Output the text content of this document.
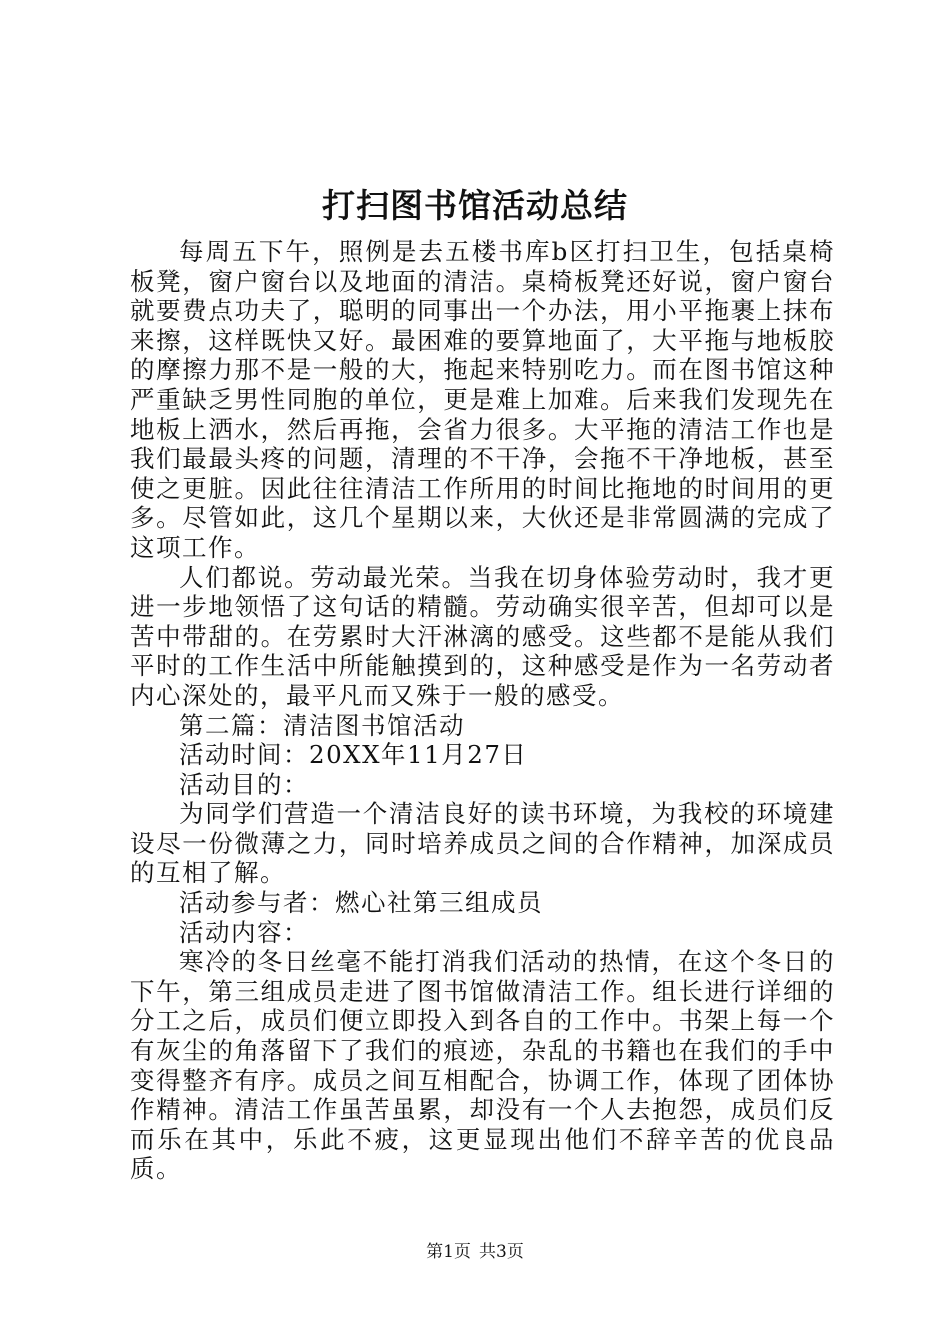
打扫图书馆活动总结

每周五下午，照例是去五楼书库b区打扫卫生，包括桌椅板凳，窗户窗台以及地面的清洁。桌椅板凳还好说，窗户窗台就要费点功夫了，聪明的同事出一个办法，用小平拖裹上抹布来擦，这样既快又好。最困难的要算地面了，大平拖与地板胶的摩擦力那不是一般的大，拖起来特别吃力。而在图书馆这种严重缺乏男性同胞的单位，更是难上加难。后来我们发现先在地板上洒水，然后再拖，会省力很多。大平拖的清洁工作也是我们最最头疼的问题，清理的不干净，会拖不干净地板，甚至使之更脏。因此往往清洁工作所用的时间比拖地的时间用的更多。尽管如此，这几个星期以来，大伙还是非常圆满的完成了这项工作。

人们都说。劳动最光荣。当我在切身体验劳动时，我才更进一步地领悟了这句话的精髓。劳动确实很辛苦，但却可以是苦中带甜的。在劳累时大汗淋漓的感受。这些都不是能从我们平时的工作生活中所能触摸到的，这种感受是作为一名劳动者内心深处的，最平凡而又殊于一般的感受。

第二篇：清洁图书馆活动

活动时间：20XX年11月27日

活动目的：

为同学们营造一个清洁良好的读书环境，为我校的环境建设尽一份微薄之力，同时培养成员之间的合作精神，加深成员的互相了解。

活动参与者：燃心社第三组成员

活动内容：

寒冷的冬日丝毫不能打消我们活动的热情，在这个冬日的下午，第三组成员走进了图书馆做清洁工作。组长进行详细的分工之后，成员们便立即投入到各自的工作中。书架上每一个有灰尘的角落留下了我们的痕迹，杂乱的书籍也在我们的手中变得整齐有序。成员之间互相配合，协调工作，体现了团体协作精神。清洁工作虽苦虽累，却没有一个人去抱怨，成员们反而乐在其中，乐此不疲，这更显现出他们不辞辛苦的优良品质。

第1页 共3页
